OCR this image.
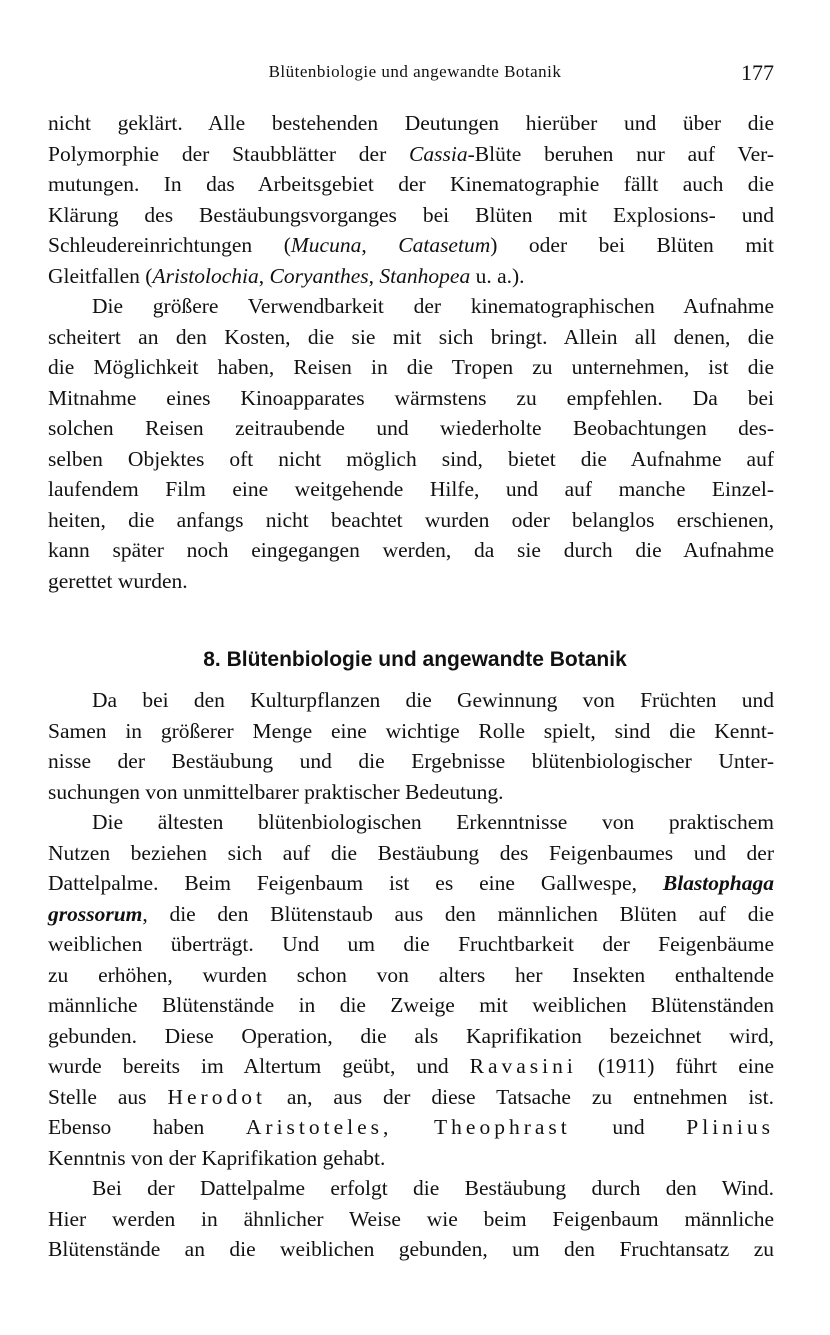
Blütenbiologie und angewandte Botanik	177

nicht geklärt. Alle bestehenden Deutungen hierüber und über die
Polymorphie der Staubblätter der Cassia-Blüte beruhen nur auf Ver-
mutungen. In das Arbeitsgebiet der Kinematographie fällt auch die
Klärung des Bestäubungsvorganges bei Blüten mit Explosions- und
Schleudereinrichtungen (Mucuna, Catasetum) oder bei Blüten mit
Gleitfallen (Aristolochia, Coryanthes, Stanhopea u. a.).

Die größere Verwendbarkeit der kinematographischen Aufnahme
scheitert an den Kosten, die sie mit sich bringt. Allein all denen, die
die Möglichkeit haben, Reisen in die Tropen zu unternehmen, ist die
Mitnahme eines Kinoapparates wärmstens zu empfehlen. Da bei
solchen Reisen zeitraubende und wiederholte Beobachtungen des-
selben Objektes oft nicht möglich sind, bietet die Aufnahme auf
laufendem Film eine weitgehende Hilfe, und auf manche Einzel-
heiten, die anfangs nicht beachtet wurden oder belanglos erschienen,
kann später noch eingegangen werden, da sie durch die Aufnahme
gerettet wurden.

8. Blütenbiologie und angewandte Botanik

Da bei den Kulturpflanzen die Gewinnung von Früchten und
Samen in größerer Menge eine wichtige Rolle spielt, sind die Kennt-
nisse der Bestäubung und die Ergebnisse blütenbiologischer Unter-
suchungen von unmittelbarer praktischer Bedeutung.

Die ältesten blütenbiologischen Erkenntnisse von praktischem
Nutzen beziehen sich auf die Bestäubung des Feigenbaumes und der
Dattelpalme. Beim Feigenbaum ist es eine Gallwespe, Blastophaga
grossorum, die den Blütenstaub aus den männlichen Blüten auf die
weiblichen überträgt. Und um die Fruchtbarkeit der Feigenbäume
zu erhöhen, wurden schon von alters her Insekten enthaltende
männliche Blütenstände in die Zweige mit weiblichen Blütenständen
gebunden. Diese Operation, die als Kaprifikation bezeichnet wird,
wurde bereits im Altertum geübt, und Ravasini (1911) führt eine
Stelle aus Herodot an, aus der diese Tatsache zu entnehmen ist.
Ebenso haben Aristoteles, Theophrast und Plinius
Kenntnis von der Kaprifikation gehabt.

Bei der Dattelpalme erfolgt die Bestäubung durch den Wind.
Hier werden in ähnlicher Weise wie beim Feigenbaum männliche
Blütenstände an die weiblichen gebunden, um den Fruchtansatz zu
